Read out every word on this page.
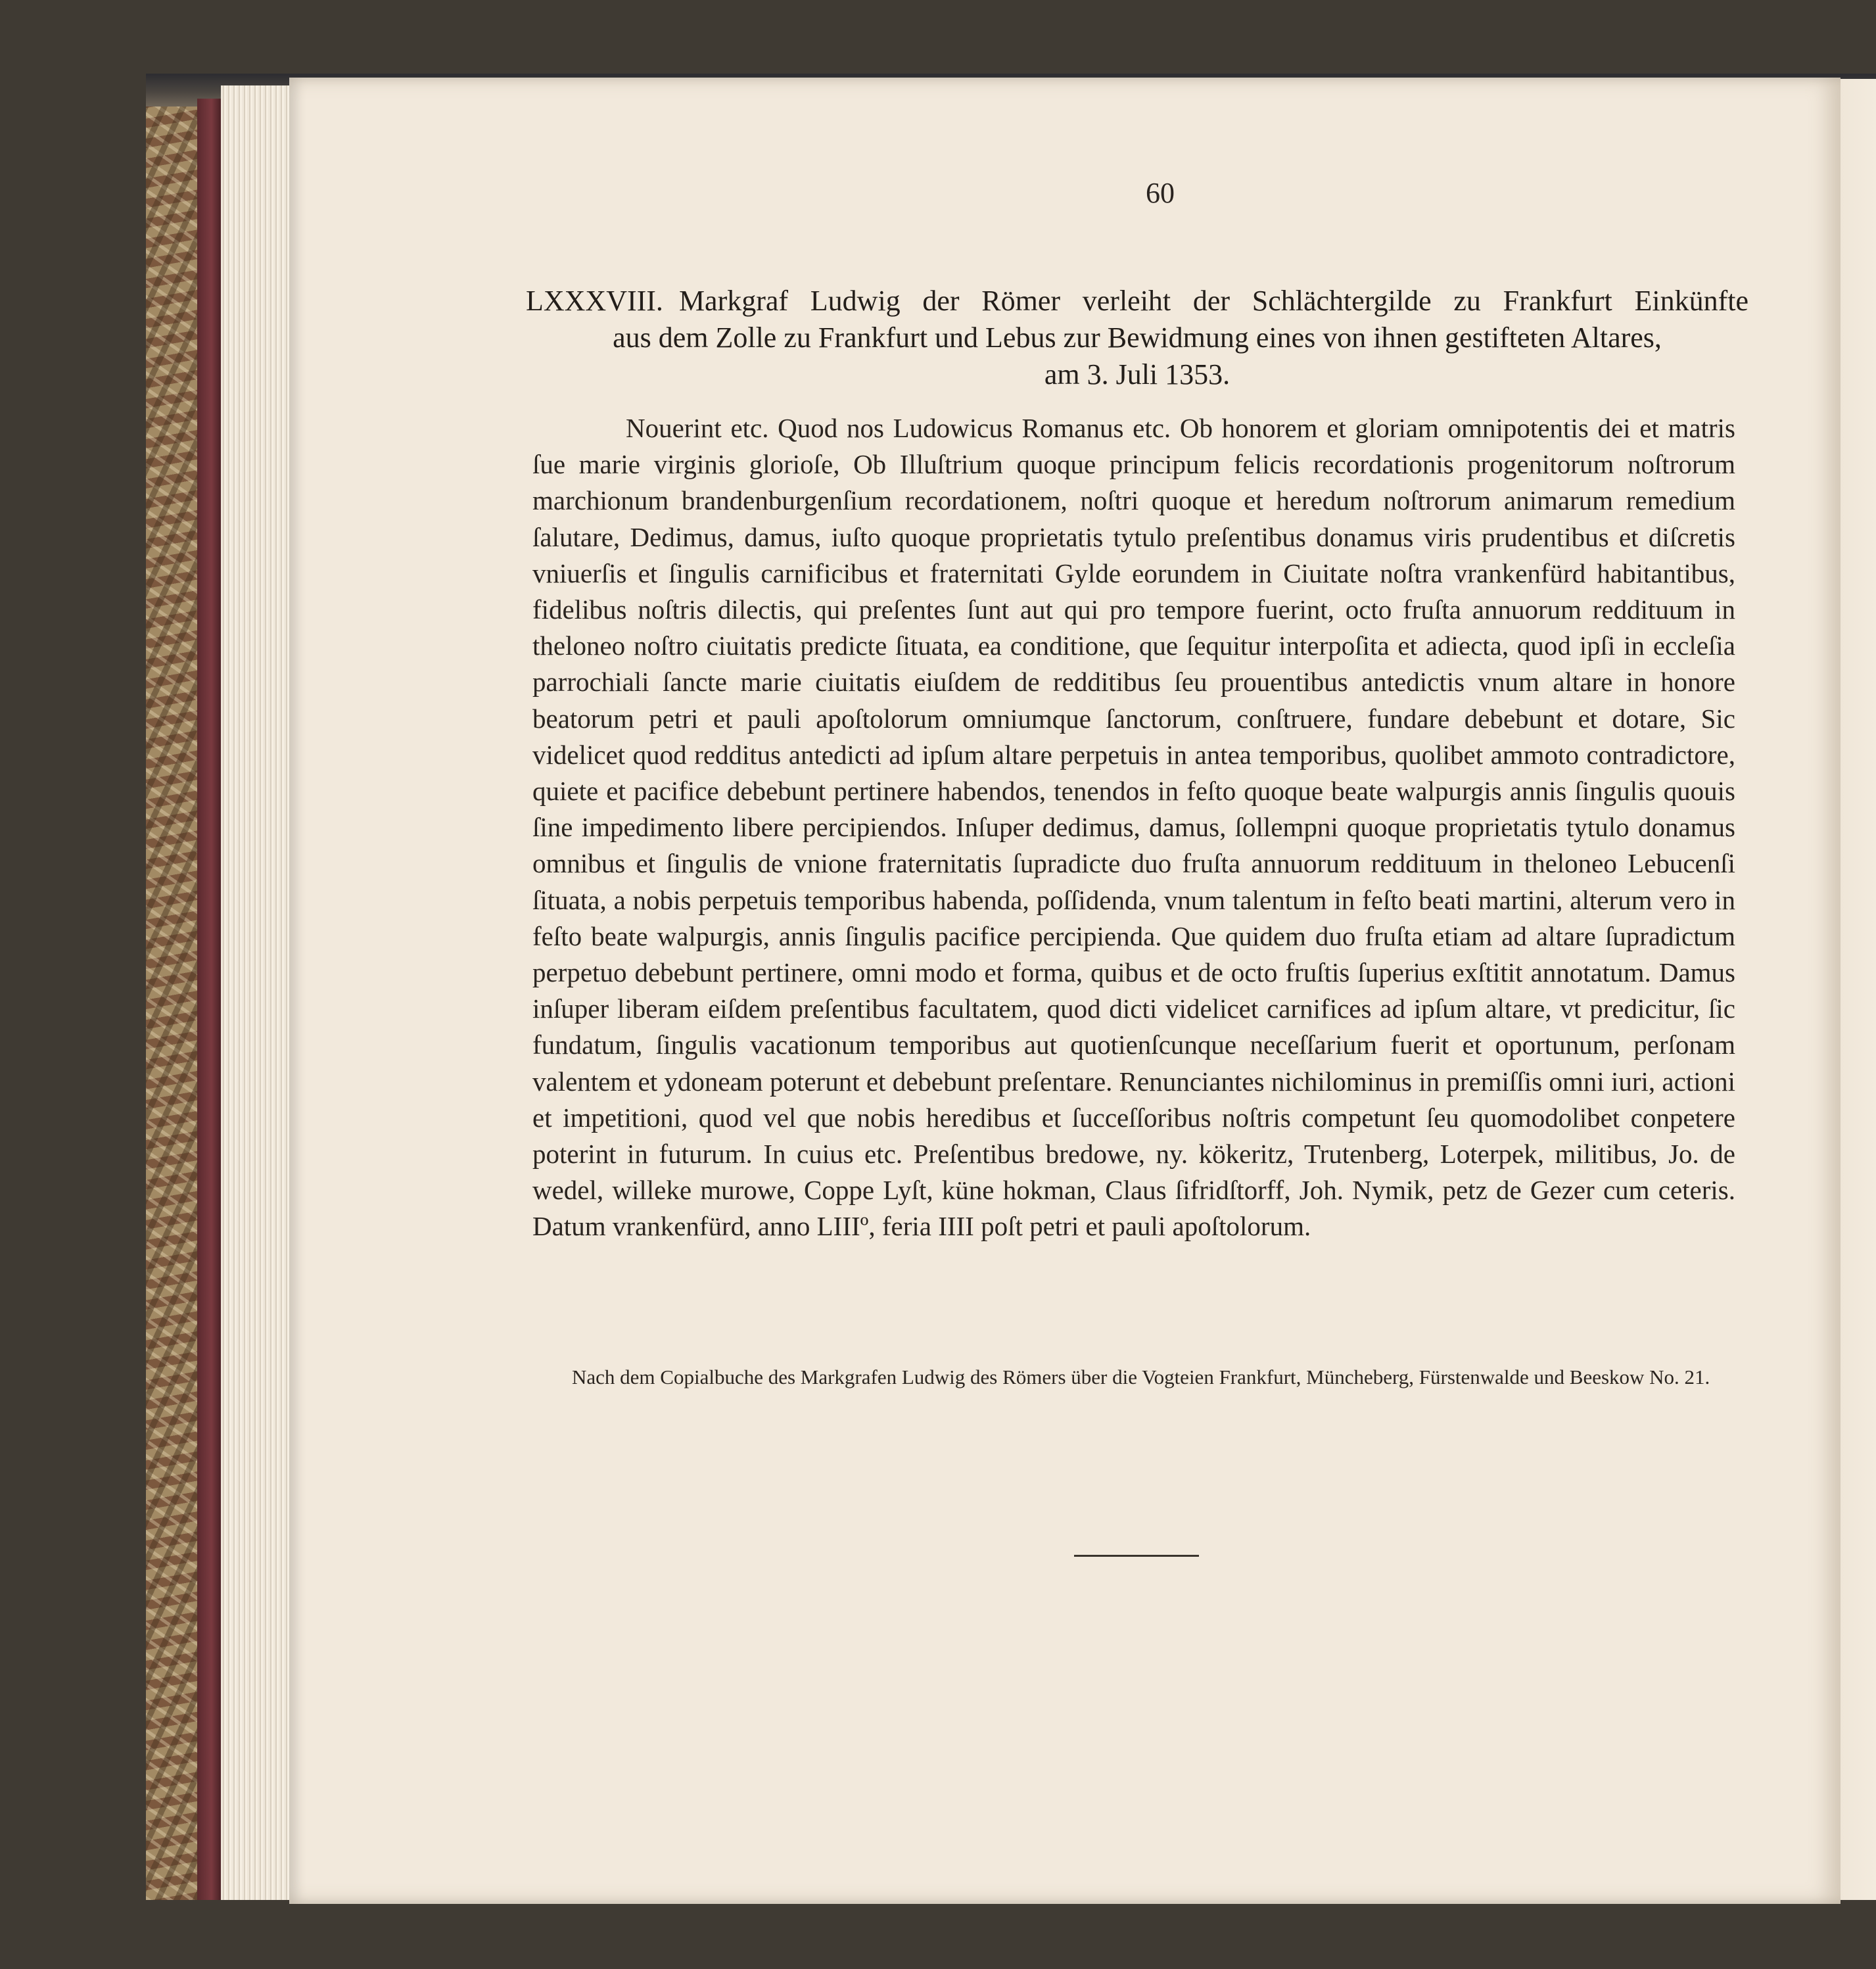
60
LXXXVIII. Markgraf Ludwig der Römer verleiht der Schlächtergilde zu Frankfurt Einkünfte
aus dem Zolle zu Frankfurt und Lebus zur Bewidmung eines von ihnen gestifteten Altares,
am 3. Juli 1353.

Nouerint etc. Quod nos Ludowicus Romanus etc. Ob honorem et gloriam omnipotentis dei et matris ſue marie virginis glorioſe, Ob Illuſtrium quoque principum felicis recordationis progenitorum noſtrorum marchionum brandenburgenſium recordationem, noſtri quoque et heredum noſtrorum animarum remedium ſalutare, Dedimus, damus, iuſto quoque proprietatis tytulo preſentibus donamus viris prudentibus et diſcretis vniuerſis et ſingulis carnificibus et fraternitati Gylde eorundem in Ciuitate noſtra vrankenfürd habitantibus, fidelibus noſtris dilectis, qui preſentes ſunt aut qui pro tempore fuerint, octo fruſta annuorum reddituum in theloneo noſtro ciuitatis predicte ſituata, ea conditione, que ſequitur interpoſita et adiecta, quod ipſi in eccleſia parrochiali ſancte marie ciuitatis eiuſdem de redditibus ſeu prouentibus antedictis vnum altare in honore beatorum petri et pauli apoſtolorum omniumque ſanctorum, conſtruere, fundare debebunt et dotare, Sic videlicet quod redditus antedicti ad ipſum altare perpetuis in antea temporibus, quolibet ammoto contradictore, quiete et pacifice debebunt pertinere habendos, tenendos in feſto quoque beate walpurgis annis ſingulis quouis ſine impedimento libere percipiendos. Inſuper dedimus, damus, ſollempni quoque proprietatis tytulo donamus omnibus et ſingulis de vnione fraternitatis ſupradicte duo fruſta annuorum reddituum in theloneo Lebucenſi ſituata, a nobis perpetuis temporibus habenda, poſſidenda, vnum talentum in feſto beati martini, alterum vero in feſto beate walpurgis, annis ſingulis pacifice percipienda. Que quidem duo fruſta etiam ad altare ſupradictum perpetuo debebunt pertinere, omni modo et forma, quibus et de octo fruſtis ſuperius exſtitit annotatum. Damus inſuper liberam eiſdem preſentibus facultatem, quod dicti videlicet carnifices ad ipſum altare, vt predicitur, ſic fundatum, ſingulis vacationum temporibus aut quotienſcunque neceſſarium fuerit et oportunum, perſonam valentem et ydoneam poterunt et debebunt preſentare. Renunciantes nichilominus in premiſſis omni iuri, actioni et impetitioni, quod vel que nobis heredibus et ſucceſſoribus noſtris competunt ſeu quomodolibet conpetere poterint in futurum. In cuius etc. Preſentibus bredowe, ny. kökeritz, Trutenberg, Loterpek, militibus, Jo. de wedel, willeke murowe, Coppe Lyſt, küne hokman, Claus ſifridſtorff, Joh. Nymik, petz de Gezer cum ceteris. Datum vrankenfürd, anno LIIIº, feria IIII poſt petri et pauli apoſtolorum.

Nach dem Copialbuche des Markgrafen Ludwig des Römers über die Vogteien Frankfurt, Müncheberg, Fürstenwalde und Beeskow No. 21.
